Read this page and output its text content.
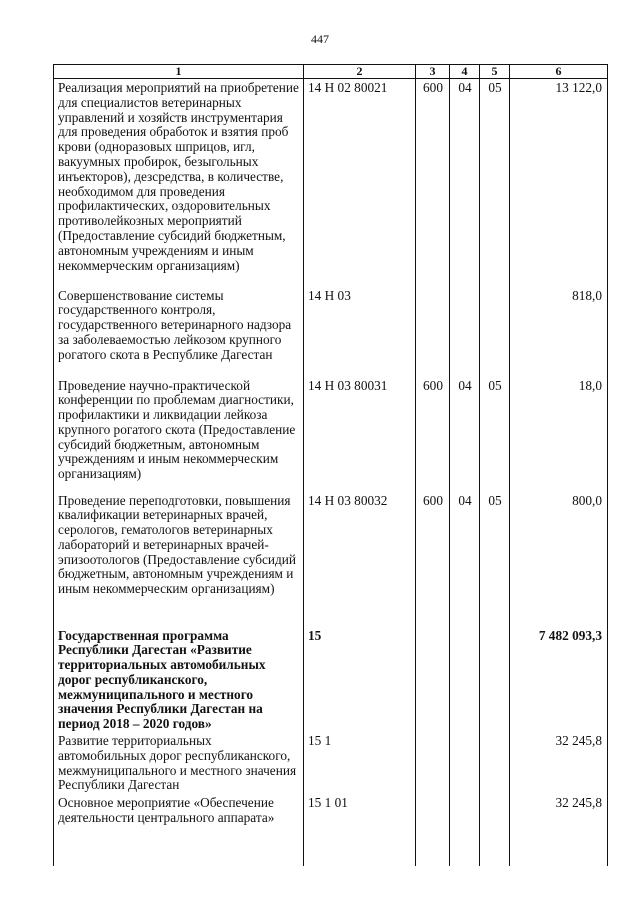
447
1	2	3	4	5	6
Реализация мероприятий на приобретение для специалистов ветеринарных управлений и хозяйств инструментария для проведения обработок и взятия проб крови (одноразовых шприцов, игл, вакуумных пробирок, безыгольных инъекторов), дезсредства, в количестве, необходимом для проведения профилактических, оздоровительных противолейкозных мероприятий (Предоставление субсидий бюджетным, автономным учреждениям и иным некоммерческим организациям)	14 Н 02 80021	600	04	05	13 122,0
Совершенствование системы государственного контроля, государственного ветеринарного надзора за заболеваемостью лейкозом крупного рогатого скота в Республике Дагестан	14 Н 03				818,0
Проведение научно-практической конференции по проблемам диагностики, профилактики и ликвидации лейкоза крупного рогатого скота (Предоставление субсидий бюджетным, автономным учреждениям и иным некоммерческим организациям)	14 Н 03 80031	600	04	05	18,0
Проведение переподготовки, повышения квалификации ветеринарных врачей, серологов, гематологов ветеринарных лабораторий и ветеринарных врачей-эпизоотологов (Предоставление субсидий бюджетным, автономным учреждениям и иным некоммерческим организациям)	14 Н 03 80032	600	04	05	800,0
Государственная программа Республики Дагестан «Развитие территориальных автомобильных дорог республиканского, межмуниципального и местного значения Республики Дагестан на период 2018 – 2020 годов»	15				7 482 093,3
Развитие территориальных автомобильных дорог республиканского, межмуниципального и местного значения Республики Дагестан	15 1				32 245,8
Основное мероприятие «Обеспечение деятельности центрального аппарата»	15 1 01				32 245,8
